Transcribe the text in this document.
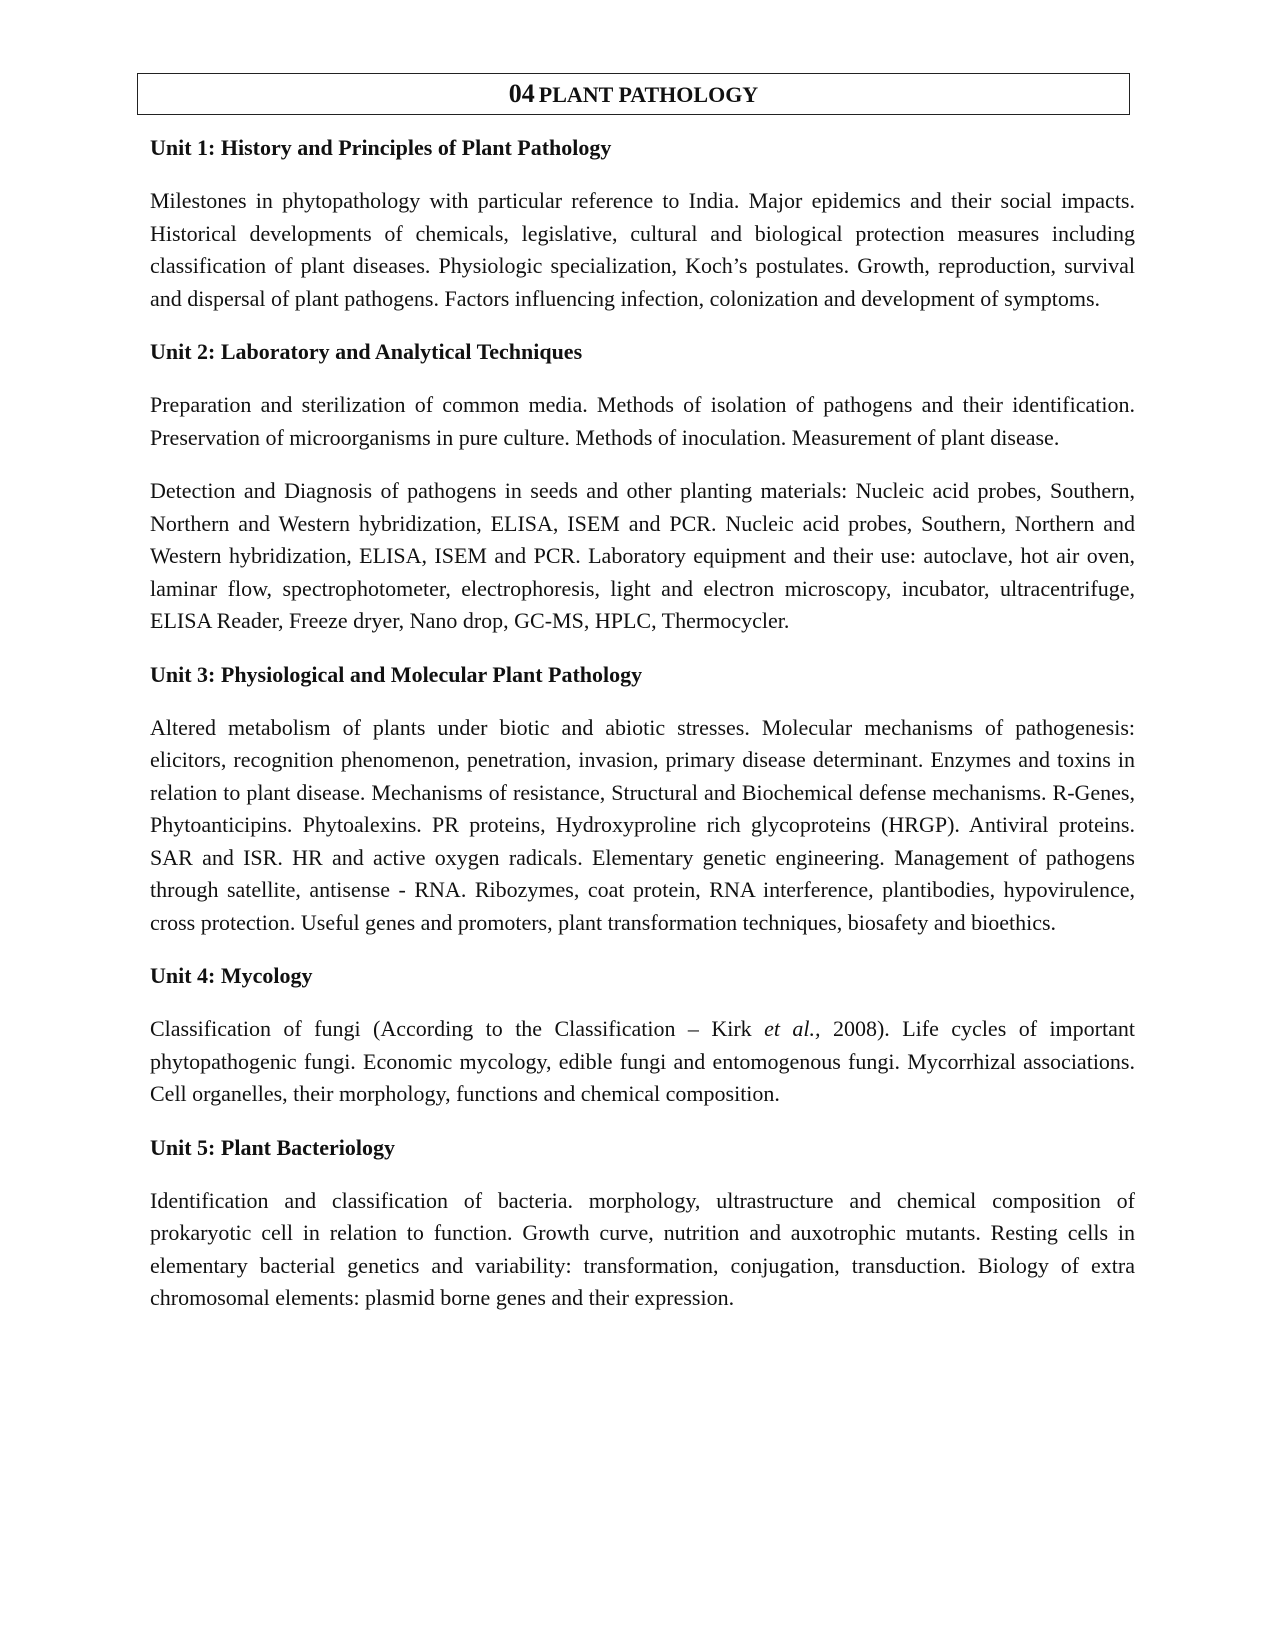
04 PLANT PATHOLOGY
Unit 1: History and Principles of Plant Pathology

Milestones in phytopathology with particular reference to India. Major epidemics and their social impacts. Historical developments of chemicals, legislative, cultural and biological protection measures including classification of plant diseases. Physiologic specialization, Koch’s postulates. Growth, reproduction, survival and dispersal of plant pathogens. Factors influencing infection, colonization and development of symptoms.

Unit 2: Laboratory and Analytical Techniques

Preparation and sterilization of common media. Methods of isolation of pathogens and their identification. Preservation of microorganisms in pure culture. Methods of inoculation. Measurement of plant disease.

Detection and Diagnosis of pathogens in seeds and other planting materials: Nucleic acid probes, Southern, Northern and Western hybridization, ELISA, ISEM and PCR. Nucleic acid probes, Southern, Northern and Western hybridization, ELISA, ISEM and PCR. Laboratory equipment and their use: autoclave, hot air oven, laminar flow, spectrophotometer, electrophoresis, light and electron microscopy, incubator, ultracentrifuge, ELISA Reader, Freeze dryer, Nano drop, GC-MS, HPLC, Thermocycler.

Unit 3: Physiological and Molecular Plant Pathology

Altered metabolism of plants under biotic and abiotic stresses. Molecular mechanisms of pathogenesis: elicitors, recognition phenomenon, penetration, invasion, primary disease determinant. Enzymes and toxins in relation to plant disease. Mechanisms of resistance, Structural and Biochemical defense mechanisms. R-Genes, Phytoanticipins. Phytoalexins. PR proteins, Hydroxyproline rich glycoproteins (HRGP). Antiviral proteins. SAR and ISR. HR and active oxygen radicals. Elementary genetic engineering. Management of pathogens through satellite, antisense - RNA. Ribozymes, coat protein, RNA interference, plantibodies, hypovirulence, cross protection. Useful genes and promoters, plant transformation techniques, biosafety and bioethics.

Unit 4: Mycology

Classification of fungi (According to the Classification – Kirk et al., 2008). Life cycles of important phytopathogenic fungi. Economic mycology, edible fungi and entomogenous fungi. Mycorrhizal associations. Cell organelles, their morphology, functions and chemical composition.

Unit 5: Plant Bacteriology

Identification and classification of bacteria. morphology, ultrastructure and chemical composition of prokaryotic cell in relation to function. Growth curve, nutrition and auxotrophic mutants. Resting cells in elementary bacterial genetics and variability: transformation, conjugation, transduction. Biology of extra chromosomal elements: plasmid borne genes and their expression.
